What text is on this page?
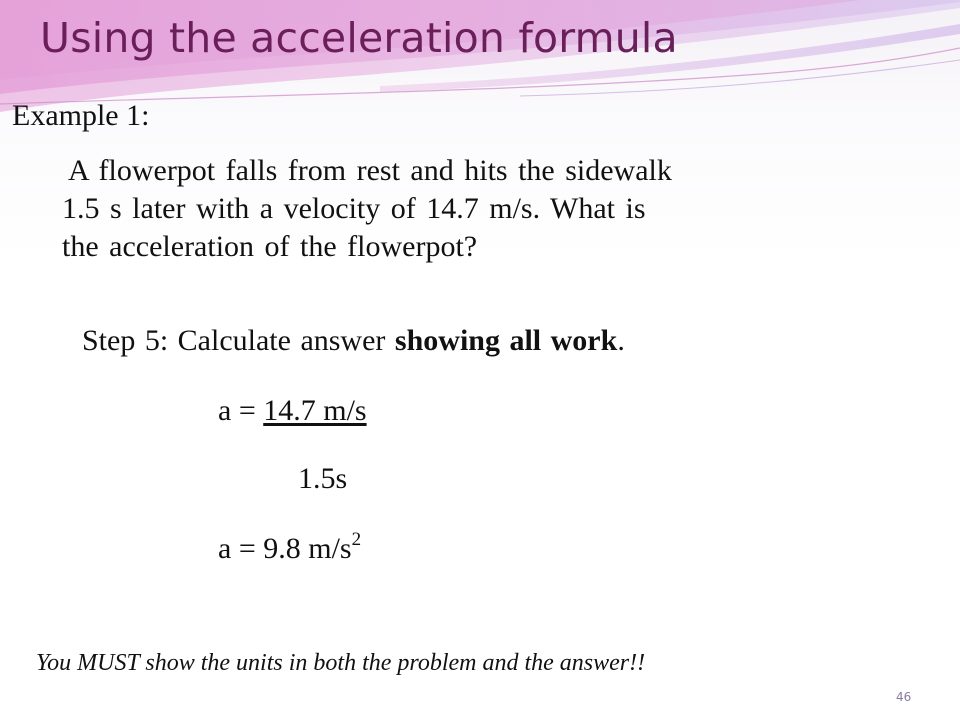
Using the acceleration formula
Example 1:
A flowerpot falls from rest and hits the sidewalk
1.5 s later with a velocity of 14.7 m/s. What is
the acceleration of the flowerpot?
Step 5: Calculate answer showing all work.
a = 14.7 m/s
1.5s
a = 9.8 $m/s^2$
You MUST show the units in both the problem and the answer!!
46
